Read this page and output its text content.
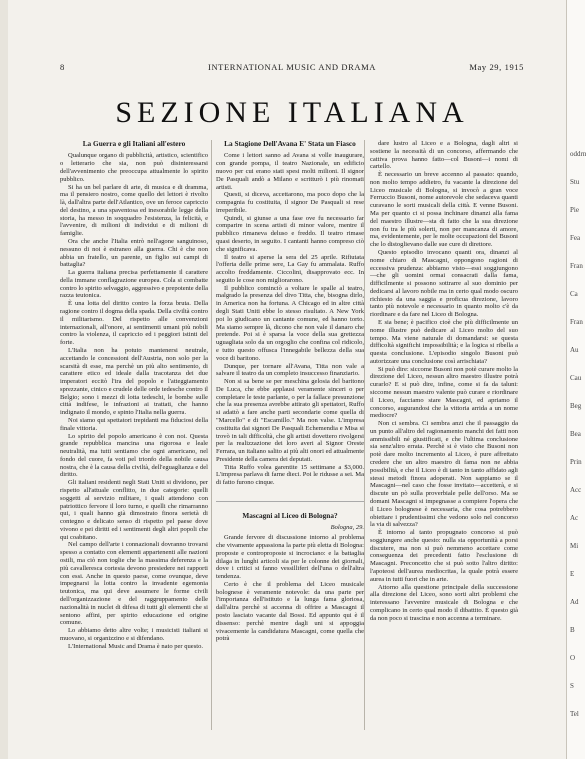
8	INTERNATIONAL MUSIC AND DRAMA	May 29, 1915
SEZIONE ITALIANA
La Guerra e gli Italiani all'estero

Qualunque organo di pubblicità, artistico, scientifico o letterario che sia, non può disinteressarsi dell'avvenimento che preoccupa attualmente lo spirito pubblico.

Si ha un bel parlare di arte, di musica e di dramma, ma il pensiero nostro, come quello dei lettori è rivolto là, dall'altra parte dell'Atlantico, ove un feroce capriccio del destino, a una spaventosa ed inesorabile legge della storia, ha messo in soqquadro l'esistenza, la felicità, e l'avvenire, di milioni di individui e di milioni di famiglie.

Ora che anche l'Italia entrò nell'agone sanguinoso, nessuno di noi è estraneo alla guerra. Chi è che non abbia un fratello, un parente, un figlio sui campi di battaglia?

La guerra italiana precisa perfettamente il carattere della immane conflagrazione europea. Cola si combatte contro lo spirito selvaggio, aggressivo e prepotente della razza teutonica.

È una lotta del diritto contro la forza bruta. Della ragione contro il dogma della spada. Della civiltà contro il militarismo. Del rispetto alle convenzioni internazionali, all'onore, ai sentimenti umani più nobili contro la violenza, il capriccio ed i peggiori istinti del forte.

L'Italia non ha potuto mantenersi neutrale, accettando le concessioni dell'Austria, non solo per la scarsità di esse, ma perchè un più alto sentimento, di carattere etico ed ideale dalla tracotanza dei due imperatori eccitò l'ira del popolo e l'atteggiamento sprezzante, cinico e crudele delle orde tedesche contro il Belgio; sono i mezzi di lotta tedeschi, le bombe sulle città indifese, le infrazioni ai trattati, che hanno indignato il mondo, e spinto l'Italia nella guerra.

Noi siamo qui spettatori trepidanti ma fiduciosi della finale vittoria.

Lo spirito del popolo americano è con noi. Questa grande repubblica mancina una rigorosa e leale neutralità, ma tutti sentiamo che ogni americano, nel fondo del cuore, fa voti pel trionfo della nobile causa nostra, che è la causa della civiltà, dell'eguaglianza e del diritto.

Gli italiani residenti negli Stati Uniti si dividono, per rispetto all'attuale conflitto, in due categorie: quelli soggetti al servizio militare, i quali attendono con patriottico fervore il loro turno, e quelli che rimarranno qui, i quali hanno già dimostrato finora serietà di contegno e delicato senso di rispetto pel paese dove vivono e pei diritti ed i sentimenti degli altri popoli che qui coabitano.

Nel campo dell'arte i connazionali dovranno trovarsi spesso a contatto con elementi appartenenti alle nazioni ostili, ma ciò non toglie che la massima deferenza e la più cavalleresca cortesia devono presiedere nei rapporti con essi. Anche in questo paese, come ovunque, deve impegnarsi la lotta contro la invadente egemonia teutonica, ma qui deve assumere le forme civili dell'organizzazione e del raggruppamento delle nazionalità in nuclei di difesa di tutti gli elementi che si sentono affini, per spirito educazione ed origine comune.

Lo abbiamo detto altre volte; i musicisti italiani si muovano, si organizzino e si difendano.

L'International Music and Drama è nato per questo.

La Stagione Dell'Avana E' Stata un Fiasco

Come i lettori sanno ad Avana si volle inaugurare, con grande pompa, il teatro Nazionale, un edificio nuovo per cui erano stati spesi molti milioni. Il signor De Pasquali andò a Milano e scritturò i più rinomati artisti.

Questi, si diceva, accettarono, ma poco dopo che la compagnia fu costituita, il signor De Pasquali si rese irreperibile.

Quindi, si giunse a una fase ove fu necessario far comparire in scena artisti di minor valore, mentre il pubblico rimaneva deluso e freddo. Il teatro rimase quasi deserto, in seguito. I cantanti hanno compreso ciò che significava.

Il teatro si aperse la sera del 25 aprile. Rifiutata l'offerta delle prime sere, La Gay fu ammalata. Ruffo accolto freddamente. Ciccolini, disapprovato ecc. In seguito le cose non migliorarono.

Il pubblico cominciò a voltare le spalle al teatro, malgrado la presenza del divo Titta, che, bisogna dirlo, in America non ha fortuna. A Chicago ed in altre città degli Stati Uniti ebbe lo stesso risultato. A New York poi lo giudicano un cantante comune, ed hanno torto. Ma siamo sempre là, dicono che non vale il danaro che pretende. Poi si è sparsa la voce della sua grettezza uguagliata solo da un orgoglio che confina col ridicolo, e tutto questo offusca l'innegabile bellezza della sua voce di baritono.

Dunque, per tornare all'Avana, Titta non vale a salvare il teatro da un completo insuccesso finanziario.

Non si sa bene se per meschina gelosia del baritono De Luca, che ebbe applausi veramente sinceri o per completare le teste parlante, o per la fallace presunzione che la sua presenza avrebbe attirato gli spettatori, Ruffo si adattò a fare anche parti secondarie come quella di "Marcello" e di "Escamillo." Ma non valse. L'impresa costituita dai signori De Pasquali Echemendia e Misa si trovò in tali difficoltà, che gli artisti dovettero rivolgersi per la realizzazione dei loro averi al Signor Oreste Ferrara, un italiano salito ai più alti onori ed attualmente Presidente della camera dei deputati.

Titta Ruffo volea garentite 15 settimane a $3,000. L'impresa parlava di farne dieci. Poi le ridusse a sei. Ma di fatto furono cinque.

Mascagni al Liceo di Bologna?
Bologna, 29.

Grande fervore di discussione intorno al problema che vivamente appassiona la parte più eletta di Bologna: proposte e controproposte si incrociano: e la battaglia dilaga in lunghi articoli sia per le colonne dei giornali, dove i critici si fanno vessilliferi dell'una o dell'altra tendenza.

Certo è che il problema del Liceo musicale bolognese è veramente notevole: da una parte per l'importanza dell'istituto e la lunga fama gloriosa, dall'altra perchè si accenna di offrire a Mascagni il posto lasciato vacante dal Bossi. Ed appunto qui è il dissenso: perchè mentre dagli uni si appoggia vivacemente la candidatura Mascagni, come quella che potrà

dare lustro al Liceo e a Bologna, dagli altri si sostiene la necessità di un concorso, affermando che cattiva prova hanno fatto—col Busoni—i nomi di cartello.

È necessario un breve accenno al passato: quando, non molto tempo addietro, fu vacante la direzione del Liceo musicale di Bologna, si invocò a gran voce Ferruccio Busoni, nome autorevole che sedaceva quanti curavano le sorti musicali della città. E venne Busoni. Ma per quanto ci si possa inchinare dinanzi alla fama del maestro illustre—sta di fatto che la sua direzione non fu tra le più solerti, non per mancanza di amore, ma, evidentemente, per le molte occupazioni del Busoni che lo distoglievano dalle sue cure di direttore.

Questo episodio invocano quanti ora, dinanzi al nome chiaro di Mascagni, oppongono ragioni di eccessiva prudenza: abbiamo visto—essi soggiungono—che gli uomini ormai consacrati dalla fama, difficilmente si possono sottrarre al suo dominio per dedicarsi al lavoro nobile ma in certo qual modo oscuro richiesto da una saggia e proficua direzione, lavoro tanto più notevole e necessario in quanto molto c'è da riordinare e da fare nel Liceo di Bologna.

E sia bene; è pacifico cioè che più difficilmente un nome illustre può dedicare al Liceo molto del suo tempo. Ma viene naturale di domandarsi: se questa difficoltà significhi impossibilità; e la logica si ribella a questa conclusione. L'episodio singolo Busoni può autorizzare una conclusione così arrischiata?

Si può dire: siccome Busoni non potè curare molto la direzione del Liceo, nessun altro maestro illustre potrà curarlo? E si può dire, infine, come si fa da taluni: siccome nessun maestro valente può curare e riordinare il Liceo, facciamo stare Mascagni, ed apriamo il concorso, augurandosi che la vittoria arrida a un nome mediocre?

Non ci sembra. Ci sembra anzi che il passaggio da un punto all'altro del ragionamento manchi dei fatti non ammissibili né giustificati, e che l'ultima conclusione sia senz'altro errata. Perchè si è visto che Busoni non potè dare molto incremento al Liceo, è pure affrettato credere che un altro maestro di fama non ne abbia possibilità, e che il Liceo è di tanto in tanto affidato agli stessi metodi finora adoperati. Non sappiamo se il Mascagni—nel caso che fosse invitato—accetterà, e si discute un pò sulla proverbiale pelle dell'orso. Ma se domani Mascagni si impegnasse a compiere l'opera che il Liceo bolognese è necessaria, che cosa potrebbero obiettare i prudentissimi che vedono solo nel concorso la via di salvezza?

È intorno al tanto propugnato concorso si può soggiungere anche questo: nulla sta opportunità a porsi discutere, ma non si può nemmeno accettare come conseguenza dei precedenti fatto l'esclusione di Mascagni. Preconcetto che si può sotto l'altro diritto: l'apoteosi dell'aurea mediocritas, la quale potrà essere aurea in tutti fuori che in arte.

Attorno alla questione principale della successione alla direzione del Liceo, sono sorti altri problemi che interessano l'avvenire musicale di Bologna e che complicano in certo qual modo il dibattito. È questo già da non poco si trascina e non accenna a terminare.

oddrn
Stu
Pie
Fea
Fran
Ca
Fran
Au
Cau
Beg
Bea
Prin
Acc
Ac
Mi
E
Ad
B
O
S
Tel
